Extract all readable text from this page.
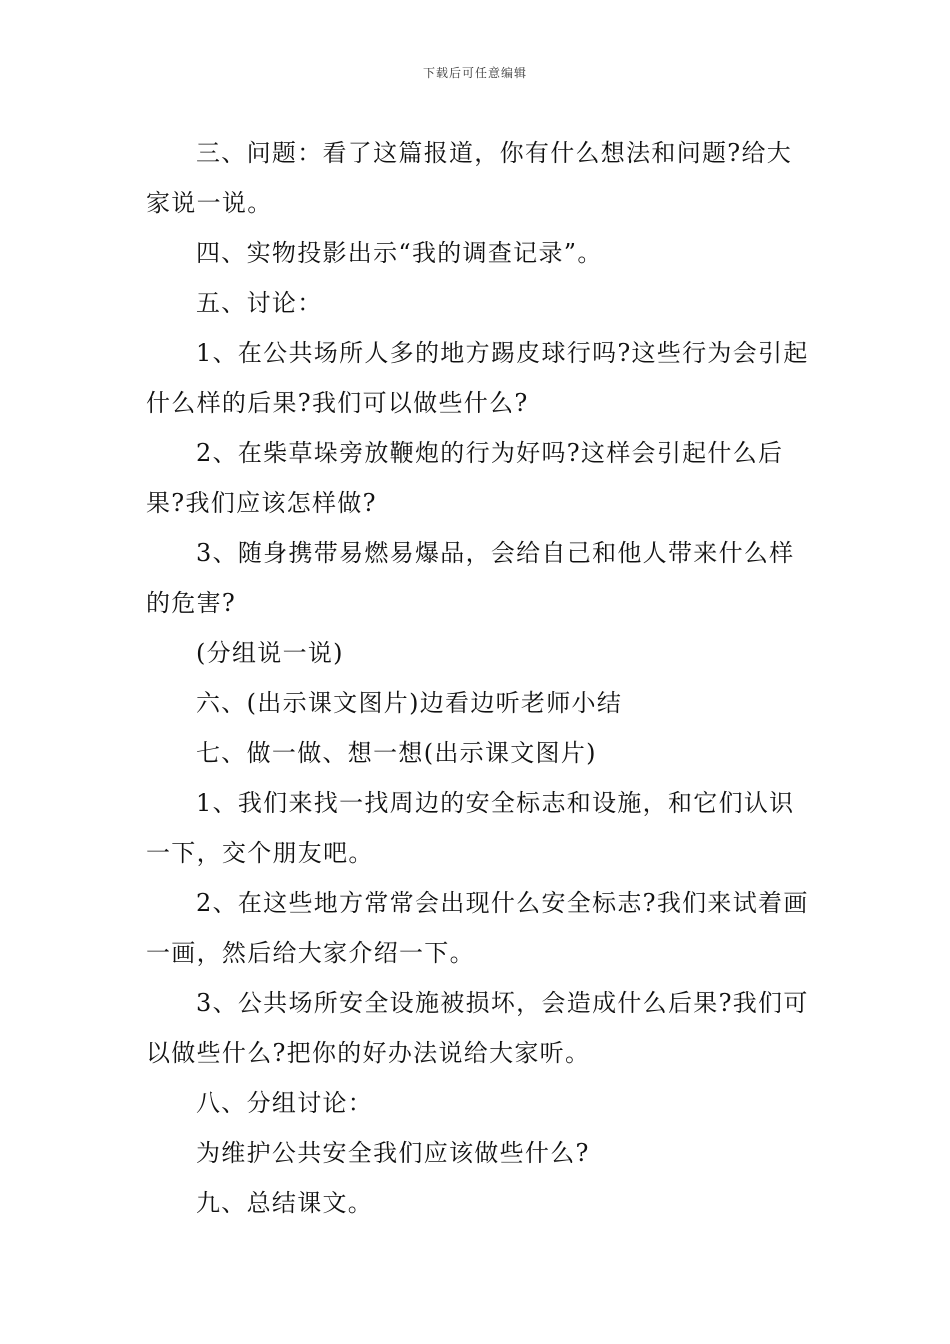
下载后可任意编辑

三、问题：看了这篇报道，你有什么想法和问题?给大家说一说。

四、实物投影出示“我的调查记录”。

五、讨论：

1、在公共场所人多的地方踢皮球行吗?这些行为会引起什么样的后果?我们可以做些什么?

2、在柴草垛旁放鞭炮的行为好吗?这样会引起什么后果?我们应该怎样做?

3、随身携带易燃易爆品，会给自己和他人带来什么样的危害?

(分组说一说)

六、(出示课文图片)边看边听老师小结

七、做一做、想一想(出示课文图片)

1、我们来找一找周边的安全标志和设施，和它们认识一下，交个朋友吧。

2、在这些地方常常会出现什么安全标志?我们来试着画一画，然后给大家介绍一下。

3、公共场所安全设施被损坏，会造成什么后果?我们可以做些什么?把你的好办法说给大家听。

八、分组讨论：

为维护公共安全我们应该做些什么?

九、总结课文。
